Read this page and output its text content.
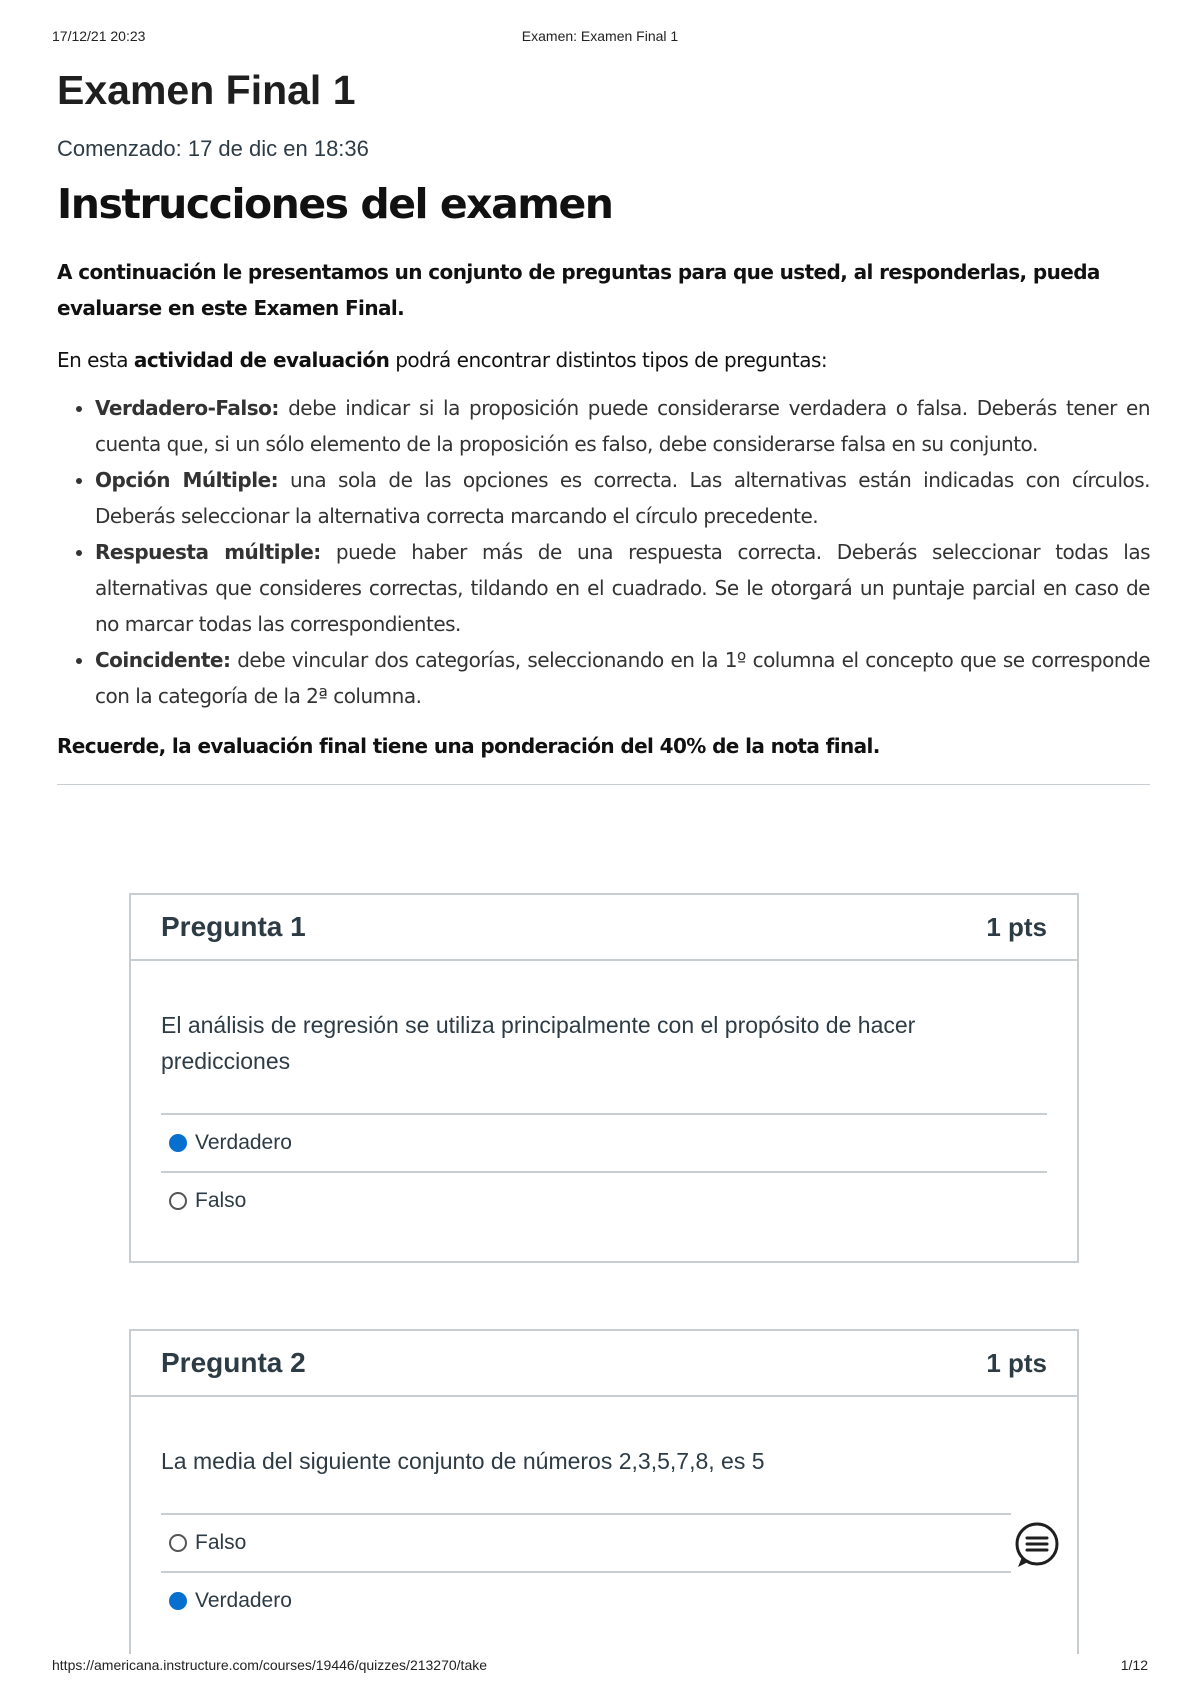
17/12/21 20:23	Examen: Examen Final 1
Examen Final 1
Comenzado: 17 de dic en 18:36
Instrucciones del examen
A continuación le presentamos un conjunto de preguntas para que usted, al responderlas, pueda evaluarse en este Examen Final.
En esta actividad de evaluación podrá encontrar distintos tipos de preguntas:
• Verdadero-Falso: debe indicar si la proposición puede considerarse verdadera o falsa. Deberás tener en cuenta que, si un sólo elemento de la proposición es falso, debe considerarse falsa en su conjunto.
• Opción Múltiple: una sola de las opciones es correcta. Las alternativas están indicadas con círculos. Deberás seleccionar la alternativa correcta marcando el círculo precedente.
• Respuesta múltiple: puede haber más de una respuesta correcta. Deberás seleccionar todas las alternativas que consideres correctas, tildando en el cuadrado. Se le otorgará un puntaje parcial en caso de no marcar todas las correspondientes.
• Coincidente: debe vincular dos categorías, seleccionando en la 1º columna el concepto que se corresponde con la categoría de la 2ª columna.
Recuerde, la evaluación final tiene una ponderación del 40% de la nota final.
Pregunta 1	1 pts

El análisis de regresión se utiliza principalmente con el propósito de hacer predicciones

Verdadero
Falso
Pregunta 2	1 pts

La media del siguiente conjunto de números 2,3,5,7,8, es 5

Falso
Verdadero
https://americana.instructure.com/courses/19446/quizzes/213270/take	1/12
